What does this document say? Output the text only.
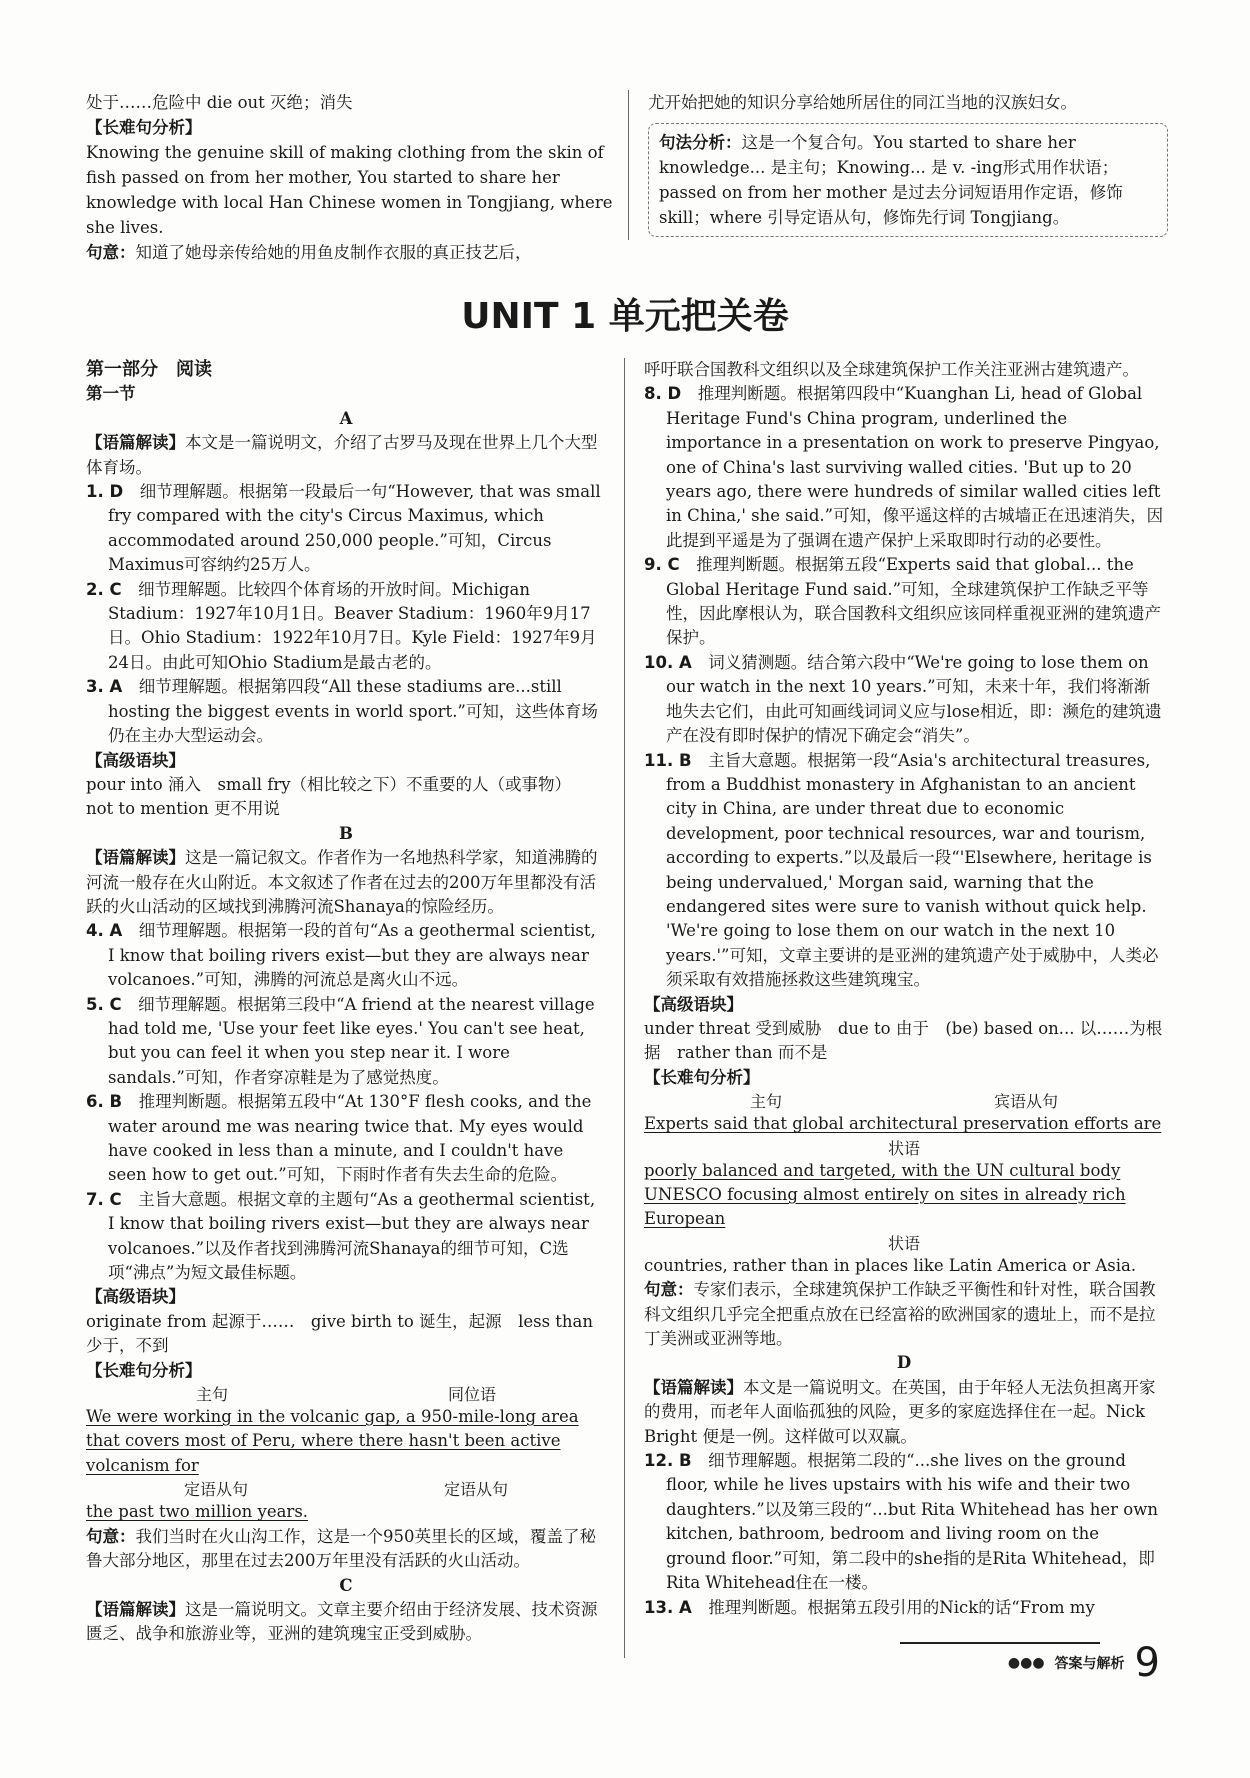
处于……危险中 die out 灭绝；消失

【长难句分析】

Knowing the genuine skill of making clothing from the skin of fish passed on from her mother, You started to share her knowledge with local Han Chinese women in Tongjiang, where she lives.

句意：知道了她母亲传给她的用鱼皮制作衣服的真正技艺后，

尤开始把她的知识分享给她所居住的同江当地的汉族妇女。

句法分析：这是一个复合句。You started to share her knowledge... 是主句；Knowing... 是 v. -ing形式用作状语；passed on from her mother 是过去分词短语用作定语，修饰skill；where 引导定语从句，修饰先行词 Tongjiang。
UNIT 1 单元把关卷

第一部分　阅读

第一节

A

【语篇解读】本文是一篇说明文，介绍了古罗马及现在世界上几个大型体育场。

1. D　细节理解题。根据第一段最后一句“However, that was small fry compared with the city's Circus Maximus, which accommodated around 250,000 people.”可知，Circus Maximus可容纳约25万人。

2. C　细节理解题。比较四个体育场的开放时间。Michigan Stadium：1927年10月1日。Beaver Stadium：1960年9月17日。Ohio Stadium：1922年10月7日。Kyle Field：1927年9月24日。由此可知Ohio Stadium是最古老的。

3. A　细节理解题。根据第四段“All these stadiums are...still hosting the biggest events in world sport.”可知，这些体育场仍在主办大型运动会。

【高级语块】

pour into 涌入　small fry（相比较之下）不重要的人（或事物）　not to mention 更不用说

B

【语篇解读】这是一篇记叙文。作者作为一名地热科学家，知道沸腾的河流一般存在火山附近。本文叙述了作者在过去的200万年里都没有活跃的火山活动的区域找到沸腾河流Shanaya的惊险经历。

4. A　细节理解题。根据第一段的首句“As a geothermal scientist, I know that boiling rivers exist—but they are always near volcanoes.”可知，沸腾的河流总是离火山不远。

5. C　细节理解题。根据第三段中“A friend at the nearest village had told me, 'Use your feet like eyes.' You can't see heat, but you can feel it when you step near it. I wore sandals.”可知，作者穿凉鞋是为了感觉热度。

6. B　推理判断题。根据第五段中“At 130°F flesh cooks, and the water around me was nearing twice that. My eyes would have cooked in less than a minute, and I couldn't have seen how to get out.”可知，下雨时作者有失去生命的危险。

7. C　主旨大意题。根据文章的主题句“As a geothermal scientist, I know that boiling rivers exist—but they are always near volcanoes.”以及作者找到沸腾河流Shanaya的细节可知，C选项“沸点”为短文最佳标题。

【高级语块】

originate from 起源于……　give birth to 诞生，起源　less than 少于，不到

【长难句分析】

主句	同位语

We were working in the volcanic gap, a 950-mile-long area that covers most of Peru, where there hasn't been active volcanism for

定语从句	定语从句

the past two million years.

句意：我们当时在火山沟工作，这是一个950英里长的区域，覆盖了秘鲁大部分地区，那里在过去200万年里没有活跃的火山活动。

C

【语篇解读】这是一篇说明文。文章主要介绍由于经济发展、技术资源匮乏、战争和旅游业等，亚洲的建筑瑰宝正受到威胁。

呼吁联合国教科文组织以及全球建筑保护工作关注亚洲古建筑遗产。

8. D　推理判断题。根据第四段中“Kuanghan Li, head of Global Heritage Fund's China program, underlined the importance in a presentation on work to preserve Pingyao, one of China's last surviving walled cities. 'But up to 20 years ago, there were hundreds of similar walled cities left in China,' she said.”可知，像平遥这样的古城墙正在迅速消失，因此提到平遥是为了强调在遗产保护上采取即时行动的必要性。

9. C　推理判断题。根据第五段“Experts said that global... the Global Heritage Fund said.”可知，全球建筑保护工作缺乏平等性，因此摩根认为，联合国教科文组织应该同样重视亚洲的建筑遗产保护。

10. A　词义猜测题。结合第六段中“We're going to lose them on our watch in the next 10 years.”可知，未来十年，我们将渐渐地失去它们，由此可知画线词词义应与lose相近，即：濒危的建筑遗产在没有即时保护的情况下确定会“消失”。

11. B　主旨大意题。根据第一段“Asia's architectural treasures, from a Buddhist monastery in Afghanistan to an ancient city in China, are under threat due to economic development, poor technical resources, war and tourism, according to experts.”以及最后一段“'Elsewhere, heritage is being undervalued,' Morgan said, warning that the endangered sites were sure to vanish without quick help. 'We're going to lose them on our watch in the next 10 years.'”可知，文章主要讲的是亚洲的建筑遗产处于威胁中，人类必须采取有效措施拯救这些建筑瑰宝。

【高级语块】

under threat 受到威胁　due to 由于　(be) based on... 以……为根据　rather than 而不是

【长难句分析】

主句	宾语从句

Experts said that global architectural preservation efforts are

状语

poorly balanced and targeted, with the UN cultural body UNESCO focusing almost entirely on sites in already rich European

状语

countries, rather than in places like Latin America or Asia.

句意：专家们表示，全球建筑保护工作缺乏平衡性和针对性，联合国教科文组织几乎完全把重点放在已经富裕的欧洲国家的遗址上，而不是拉丁美洲或亚洲等地。

D

【语篇解读】本文是一篇说明文。在英国，由于年轻人无法负担离开家的费用，而老年人面临孤独的风险，更多的家庭选择住在一起。Nick Bright 便是一例。这样做可以双赢。

12. B　细节理解题。根据第二段的“...she lives on the ground floor, while he lives upstairs with his wife and their two daughters.”以及第三段的“...but Rita Whitehead has her own kitchen, bathroom, bedroom and living room on the ground floor.”可知，第二段中的she指的是Rita Whitehead，即Rita Whitehead住在一楼。

13. A　推理判断题。根据第五段引用的Nick的话“From my

●●● 答案与解析 9
